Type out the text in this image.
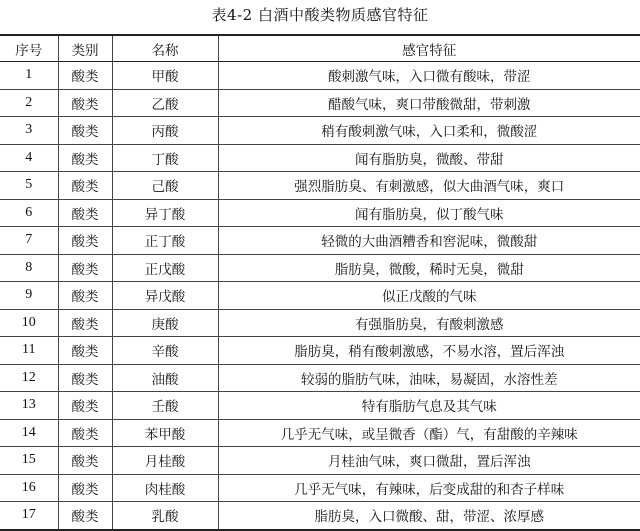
表4-2 白酒中酸类物质感官特征
序号	类别	名称	感官特征
1	酸类	甲酸	酸刺激气味，入口微有酸味，带涩
2	酸类	乙酸	醋酸气味，爽口带酸微甜，带刺激
3	酸类	丙酸	稍有酸刺激气味，入口柔和，微酸涩
4	酸类	丁酸	闻有脂肪臭，微酸、带甜
5	酸类	己酸	强烈脂肪臭、有刺激感，似大曲酒气味，爽口
6	酸类	异丁酸	闻有脂肪臭，似丁酸气味
7	酸类	正丁酸	轻微的大曲酒糟香和窖泥味，微酸甜
8	酸类	正戊酸	脂肪臭，微酸，稀时无臭，微甜
9	酸类	异戊酸	似正戊酸的气味
10	酸类	庚酸	有强脂肪臭，有酸刺激感
11	酸类	辛酸	脂肪臭，稍有酸刺激感，不易水溶，置后浑浊
12	酸类	油酸	较弱的脂肪气味，油味，易凝固，水溶性差
13	酸类	壬酸	特有脂肪气息及其气味
14	酸类	苯甲酸	几乎无气味，或呈微香（酯）气，有甜酸的辛辣味
15	酸类	月桂酸	月桂油气味，爽口微甜，置后浑浊
16	酸类	肉桂酸	几乎无气味，有辣味，后变成甜的和杏子样味
17	酸类	乳酸	脂肪臭，入口微酸、甜，带涩、浓厚感
